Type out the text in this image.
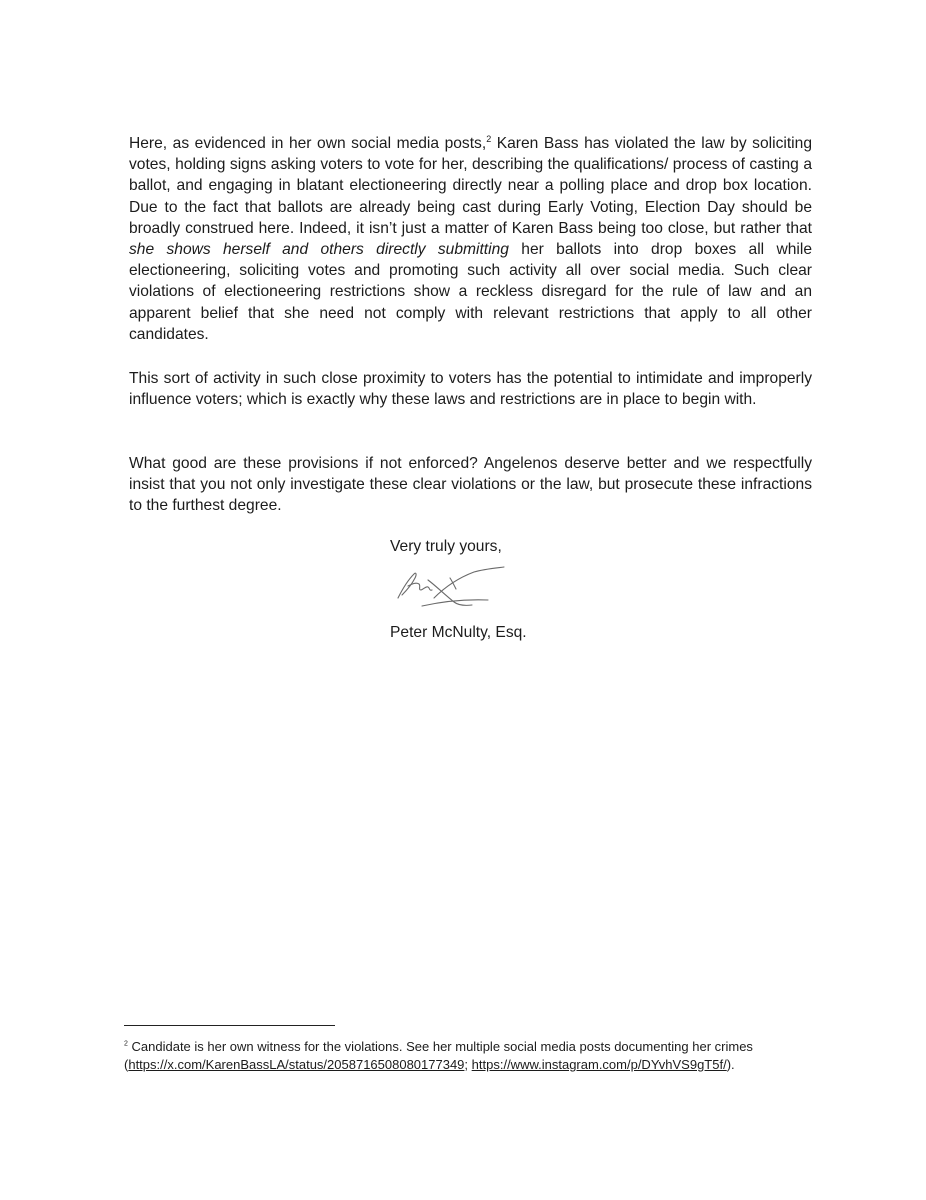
Here, as evidenced in her own social media posts,$^2$ Karen Bass has violated the law by soliciting votes, holding signs asking voters to vote for her, describing the qualifications/ process of casting a ballot, and engaging in blatant electioneering directly near a polling place and drop box location. Due to the fact that ballots are already being cast during Early Voting, Election Day should be broadly construed here. Indeed, it isn’t just a matter of Karen Bass being too close, but rather that she shows herself and others directly submitting her ballots into drop boxes all while electioneering, soliciting votes and promoting such activity all over social media. Such clear violations of electioneering restrictions show a reckless disregard for the rule of law and an apparent belief that she need not comply with relevant restrictions that apply to all other candidates.

This sort of activity in such close proximity to voters has the potential to intimidate and improperly influence voters; which is exactly why these laws and restrictions are in place to begin with.

What good are these provisions if not enforced? Angelenos deserve better and we respectfully insist that you not only investigate these clear violations or the law, but prosecute these infractions to the furthest degree.

Very truly yours,

Peter McNulty, Esq.

$^2$ Candidate is her own witness for the violations. See her multiple social media posts documenting her crimes (https://x.com/KarenBassLA/status/2058716508080177349; https://www.instagram.com/p/DYvhVS9gT5f/).
